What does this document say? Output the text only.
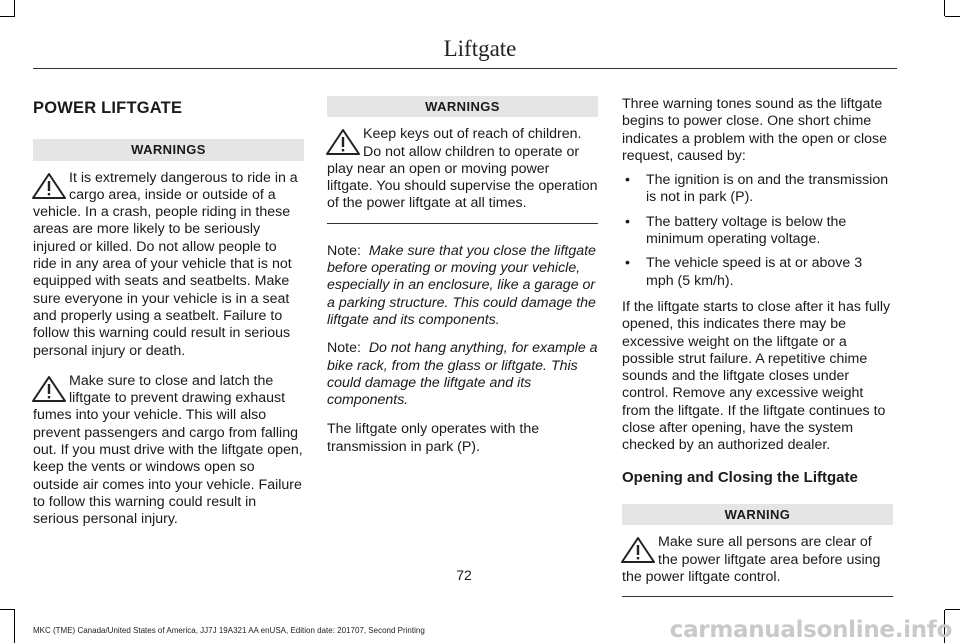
Liftgate
POWER LIFTGATE
WARNINGS

It is extremely dangerous to ride in a cargo area, inside or outside of a vehicle. In a crash, people riding in these areas are more likely to be seriously injured or killed. Do not allow people to ride in any area of your vehicle that is not equipped with seats and seatbelts. Make sure everyone in your vehicle is in a seat and properly using a seatbelt. Failure to follow this warning could result in serious personal injury or death.

Make sure to close and latch the liftgate to prevent drawing exhaust fumes into your vehicle. This will also prevent passengers and cargo from falling out. If you must drive with the liftgate open, keep the vents or windows open so outside air comes into your vehicle. Failure to follow this warning could result in serious personal injury.

WARNINGS

Keep keys out of reach of children. Do not allow children to operate or play near an open or moving power liftgate. You should supervise the operation of the power liftgate at all times.

Note: Make sure that you close the liftgate before operating or moving your vehicle, especially in an enclosure, like a garage or a parking structure. This could damage the liftgate and its components.

Note: Do not hang anything, for example a bike rack, from the glass or liftgate. This could damage the liftgate and its components.

The liftgate only operates with the transmission in park (P).

Three warning tones sound as the liftgate begins to power close. One short chime indicates a problem with the open or close request, caused by:

• The ignition is on and the transmission is not in park (P).
• The battery voltage is below the minimum operating voltage.
• The vehicle speed is at or above 3 mph (5 km/h).

If the liftgate starts to close after it has fully opened, this indicates there may be excessive weight on the liftgate or a possible strut failure. A repetitive chime sounds and the liftgate closes under control. Remove any excessive weight from the liftgate. If the liftgate continues to close after opening, have the system checked by an authorized dealer.

Opening and Closing the Liftgate
WARNING

Make sure all persons are clear of the power liftgate area before using the power liftgate control.

72
MKC (TME) Canada/United States of America, JJ7J 19A321 AA enUSA, Edition date: 201707, Second Printing	carmanualsonline.info
